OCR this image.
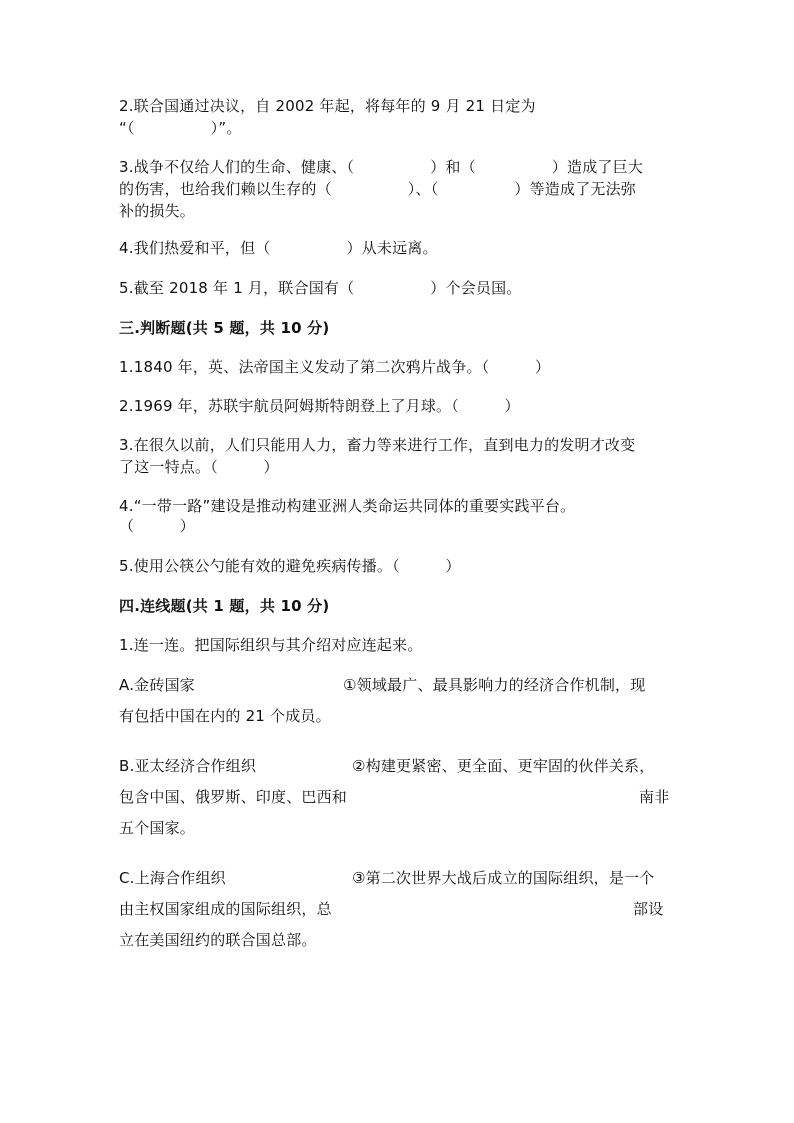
2.联合国通过决议，自 2002 年起，将每年的 9 月 21 日定为
“（　　　　　）”。
3.战争不仅给人们的生命、健康、（　　　　　）和（　　　　　）造成了巨大
的伤害，也给我们赖以生存的（　　　　　）、（　　　　　）等造成了无法弥
补的损失。
4.我们热爱和平，但（　　　　　）从未远离。
5.截至 2018 年 1 月，联合国有（　　　　　）个会员国。
三.判断题(共 5 题，共 10 分)
1.1840 年，英、法帝国主义发动了第二次鸦片战争。（　　　）
2.1969 年，苏联宇航员阿姆斯特朗登上了月球。（　　　）
3.在很久以前，人们只能用人力，畜力等来进行工作，直到电力的发明才改变
了这一特点。（　　　）
4.“一带一路”建设是推动构建亚洲人类命运共同体的重要实践平台。
（　　　）
5.使用公筷公勺能有效的避免疾病传播。（　　　）
四.连线题(共 1 题，共 10 分)
1.连一连。把国际组织与其介绍对应连起来。
A.金砖国家	①领域最广、最具影响力的经济合作机制，现
有包括中国在内的 21 个成员。
B.亚太经济合作组织	②构建更紧密、更全面、更牢固的伙伴关系，
包含中国、俄罗斯、印度、巴西和	南非
五个国家。
C.上海合作组织	③第二次世界大战后成立的国际组织，是一个
由主权国家组成的国际组织，总	部设
立在美国纽约的联合国总部。
